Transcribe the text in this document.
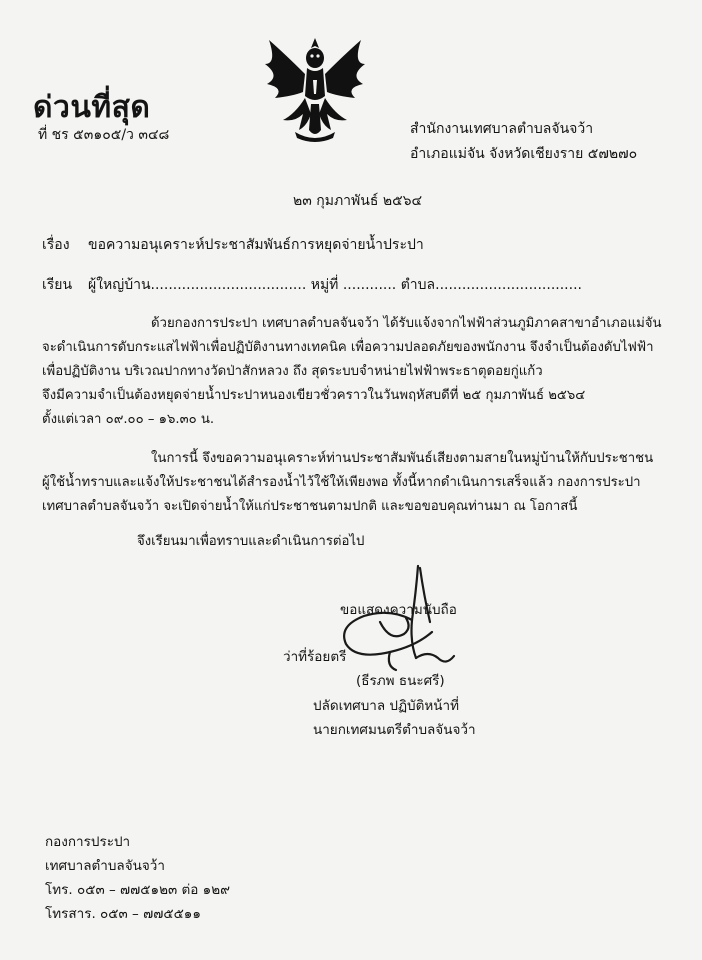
ด่วนที่สุด
ที่ ชร ๕๓๑๐๕/ว ๓๔๘	สำนักงานเทศบาลตำบลจันจว้า
อำเภอแม่จัน จังหวัดเชียงราย ๕๗๒๗๐
๒๓ กุมภาพันธ์ ๒๕๖๔
เรื่อง ขอความอนุเคราะห์ประชาสัมพันธ์การหยุดจ่ายน้ำประปา
เรียน ผู้ใหญ่บ้าน................................... หมู่ที่ ............ ตำบล.................................
ด้วยกองการประปา เทศบาลตำบลจันจว้า ได้รับแจ้งจากไฟฟ้าส่วนภูมิภาคสาขาอำเภอแม่จัน
จะดำเนินการดับกระแสไฟฟ้าเพื่อปฏิบัติงานทางเทคนิค เพื่อความปลอดภัยของพนักงาน จึงจำเป็นต้องดับไฟฟ้า
เพื่อปฏิบัติงาน บริเวณปากทางวัดป่าสักหลวง ถึง สุดระบบจำหน่ายไฟฟ้าพระธาตุดอยกู่แก้ว
จึงมีความจำเป็นต้องหยุดจ่ายน้ำประปาหนองเขียวชั่วคราวในวันพฤหัสบดีที่ ๒๕ กุมภาพันธ์ ๒๕๖๔
ตั้งแต่เวลา ๐๙.๐๐ – ๑๖.๓๐ น.
ในการนี้ จึงขอความอนุเคราะห์ท่านประชาสัมพันธ์เสียงตามสายในหมู่บ้านให้กับประชาชน
ผู้ใช้น้ำทราบและแจ้งให้ประชาชนได้สำรองน้ำไว้ใช้ให้เพียงพอ ทั้งนี้หากดำเนินการเสร็จแล้ว กองการประปา
เทศบาลตำบลจันจว้า จะเปิดจ่ายน้ำให้แก่ประชาชนตามปกติ และขอขอบคุณท่านมา ณ โอกาสนี้
จึงเรียนมาเพื่อทราบและดำเนินการต่อไป
ขอแสดงความนับถือ
ว่าที่ร้อยตรี
(ธีรภพ ธนะศรี)
ปลัดเทศบาล ปฏิบัติหน้าที่
นายกเทศมนตรีตำบลจันจว้า
กองการประปา
เทศบาลตำบลจันจว้า
โทร. ๐๕๓ – ๗๗๕๑๒๓ ต่อ ๑๒๙
โทรสาร. ๐๕๓ – ๗๗๕๕๑๑
